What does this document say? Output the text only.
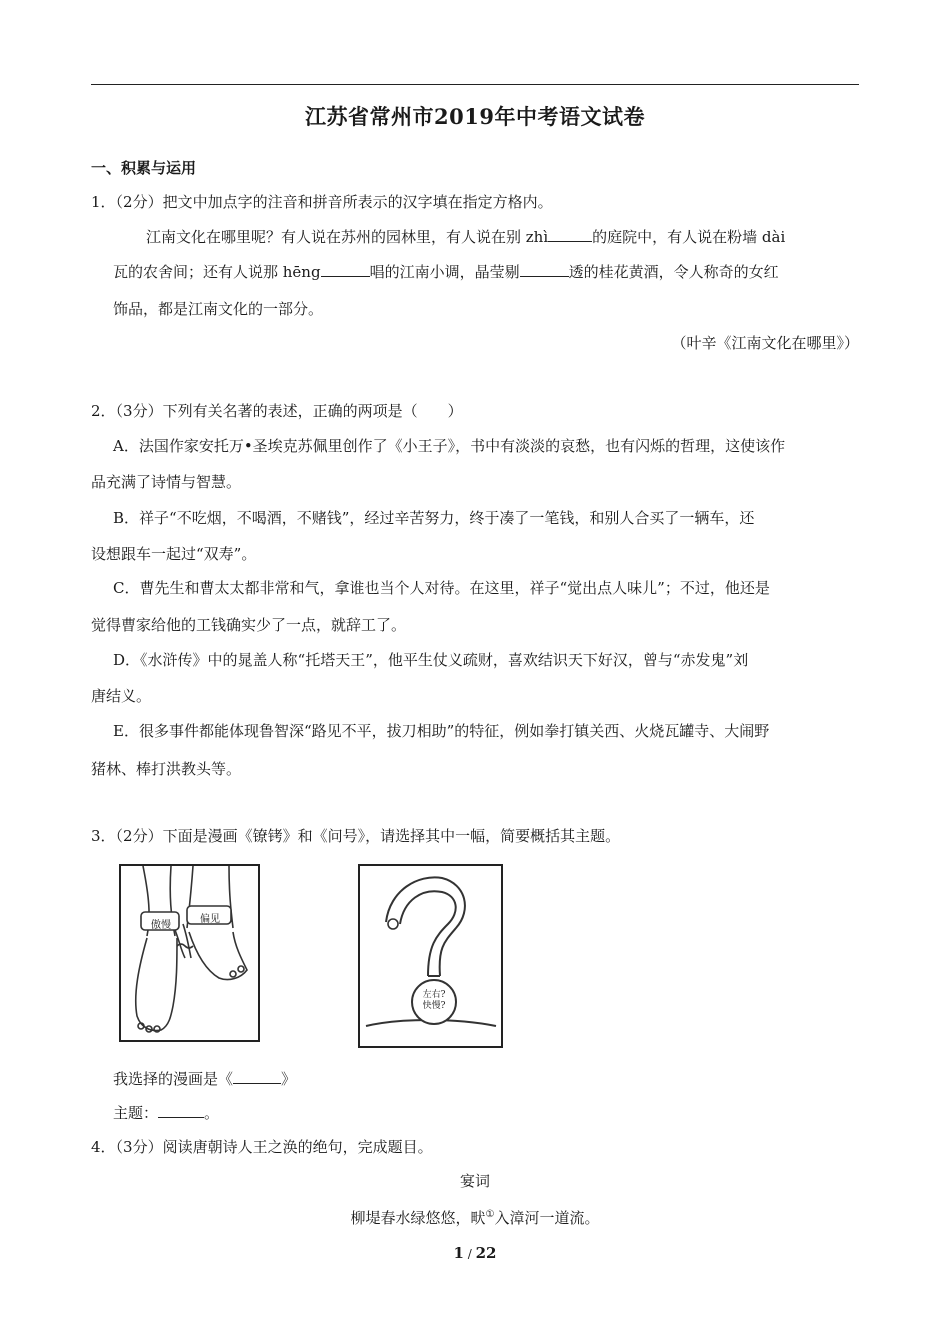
江苏省常州市2019年中考语文试卷
一、积累与运用
1．（2分）把文中加点字的注音和拼音所表示的汉字填在指定方格内。
江南文化在哪里呢？有人说在苏州的园林里，有人说在别 zhì	的庭院中，有人说在粉墙 dài
瓦的农舍间；还有人说那 hēng	唱的江南小调，晶莹剔	透的桂花黄酒，令人称奇的女红
饰品，都是江南文化的一部分。
（叶辛《江南文化在哪里》）
2．（3分）下列有关名著的表述，正确的两项是（　　）
A．法国作家安托万•圣埃克苏佩里创作了《小王子》，书中有淡淡的哀愁，也有闪烁的哲理，这使该作
品充满了诗情与智慧。
B．祥子“不吃烟，不喝酒，不赌钱”，经过辛苦努力，终于凑了一笔钱，和别人合买了一辆车，还
设想跟车一起过“双寿”。
C．曹先生和曹太太都非常和气，拿谁也当个人对待。在这里，祥子“觉出点人味儿”；不过，他还是
觉得曹家给他的工钱确实少了一点，就辞工了。
D．《水浒传》中的晁盖人称“托塔天王”，他平生仗义疏财，喜欢结识天下好汉，曾与“赤发鬼”刘
唐结义。
E．很多事件都能体现鲁智深“路见不平，拔刀相助”的特征，例如拳打镇关西、火烧瓦罐寺、大闹野
猪林、棒打洪教头等。
3．（2分）下面是漫画《镣铐》和《问号》，请选择其中一幅，简要概括其主题。
傲慢
偏见
左右?
快慢?
我选择的漫画是《	》
主题：	。
4．（3分）阅读唐朝诗人王之涣的绝句，完成题目。
宴词
柳堤春水绿悠悠，畎①入漳河一道流。
1 / 22
